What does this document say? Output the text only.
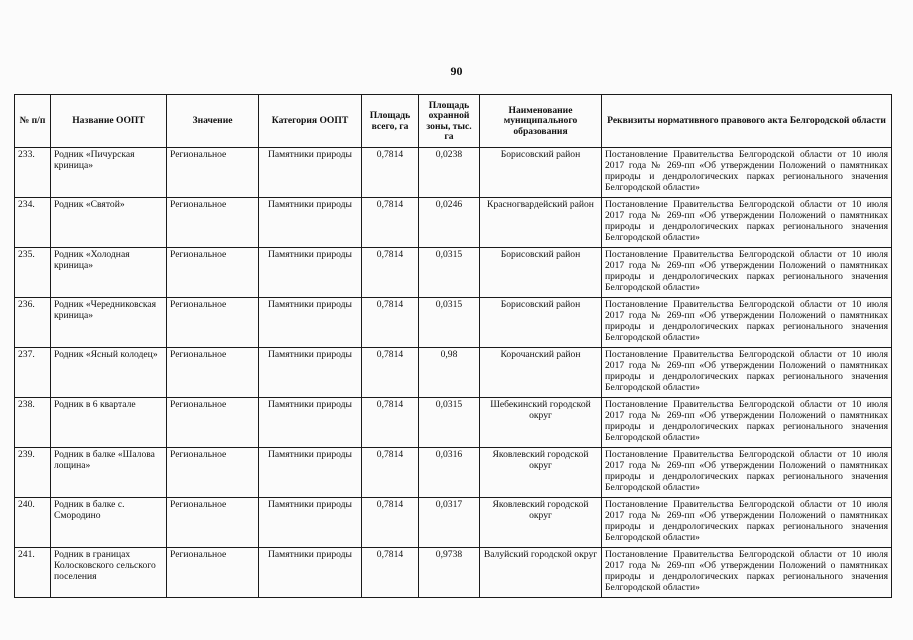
90
№ п/п	Название ООПТ	Значение	Категория ООПТ	Площадь всего, га	Площадь охранной зоны, тыс. га	Наименование муниципального образования	Реквизиты нормативного правового акта Белгородской области
233.	Родник «Пичурская криница»	Региональное	Памятники природы	0,7814	0,0238	Борисовский район	Постановление Правительства Белгородской области от 10 июля 2017 года № 269-пп «Об утверждении Положений о памятниках природы и дендрологических парках регионального значения Белгородской области»
234.	Родник «Святой»	Региональное	Памятники природы	0,7814	0,0246	Красногвардейский район	Постановление Правительства Белгородской области от 10 июля 2017 года № 269-пп «Об утверждении Положений о памятниках природы и дендрологических парках регионального значения Белгородской области»
235.	Родник «Холодная криница»	Региональное	Памятники природы	0,7814	0,0315	Борисовский район	Постановление Правительства Белгородской области от 10 июля 2017 года № 269-пп «Об утверждении Положений о памятниках природы и дендрологических парках регионального значения Белгородской области»
236.	Родник «Чередниковская криница»	Региональное	Памятники природы	0,7814	0,0315	Борисовский район	Постановление Правительства Белгородской области от 10 июля 2017 года № 269-пп «Об утверждении Положений о памятниках природы и дендрологических парках регионального значения Белгородской области»
237.	Родник «Ясный колодец»	Региональное	Памятники природы	0,7814	0,98	Корочанский район	Постановление Правительства Белгородской области от 10 июля 2017 года № 269-пп «Об утверждении Положений о памятниках природы и дендрологических парках регионального значения Белгородской области»
238.	Родник в 6 квартале	Региональное	Памятники природы	0,7814	0,0315	Шебекинский городской округ	Постановление Правительства Белгородской области от 10 июля 2017 года № 269-пп «Об утверждении Положений о памятниках природы и дендрологических парках регионального значения Белгородской области»
239.	Родник в балке «Шалова лощина»	Региональное	Памятники природы	0,7814	0,0316	Яковлевский городской округ	Постановление Правительства Белгородской области от 10 июля 2017 года № 269-пп «Об утверждении Положений о памятниках природы и дендрологических парках регионального значения Белгородской области»
240.	Родник в балке с. Смородино	Региональное	Памятники природы	0,7814	0,0317	Яковлевский городской округ	Постановление Правительства Белгородской области от 10 июля 2017 года № 269-пп «Об утверждении Положений о памятниках природы и дендрологических парках регионального значения Белгородской области»
241.	Родник в границах Колосковского сельского поселения	Региональное	Памятники природы	0,7814	0,9738	Валуйский городской округ	Постановление Правительства Белгородской области от 10 июля 2017 года № 269-пп «Об утверждении Положений о памятниках природы и дендрологических парках регионального значения Белгородской области»
